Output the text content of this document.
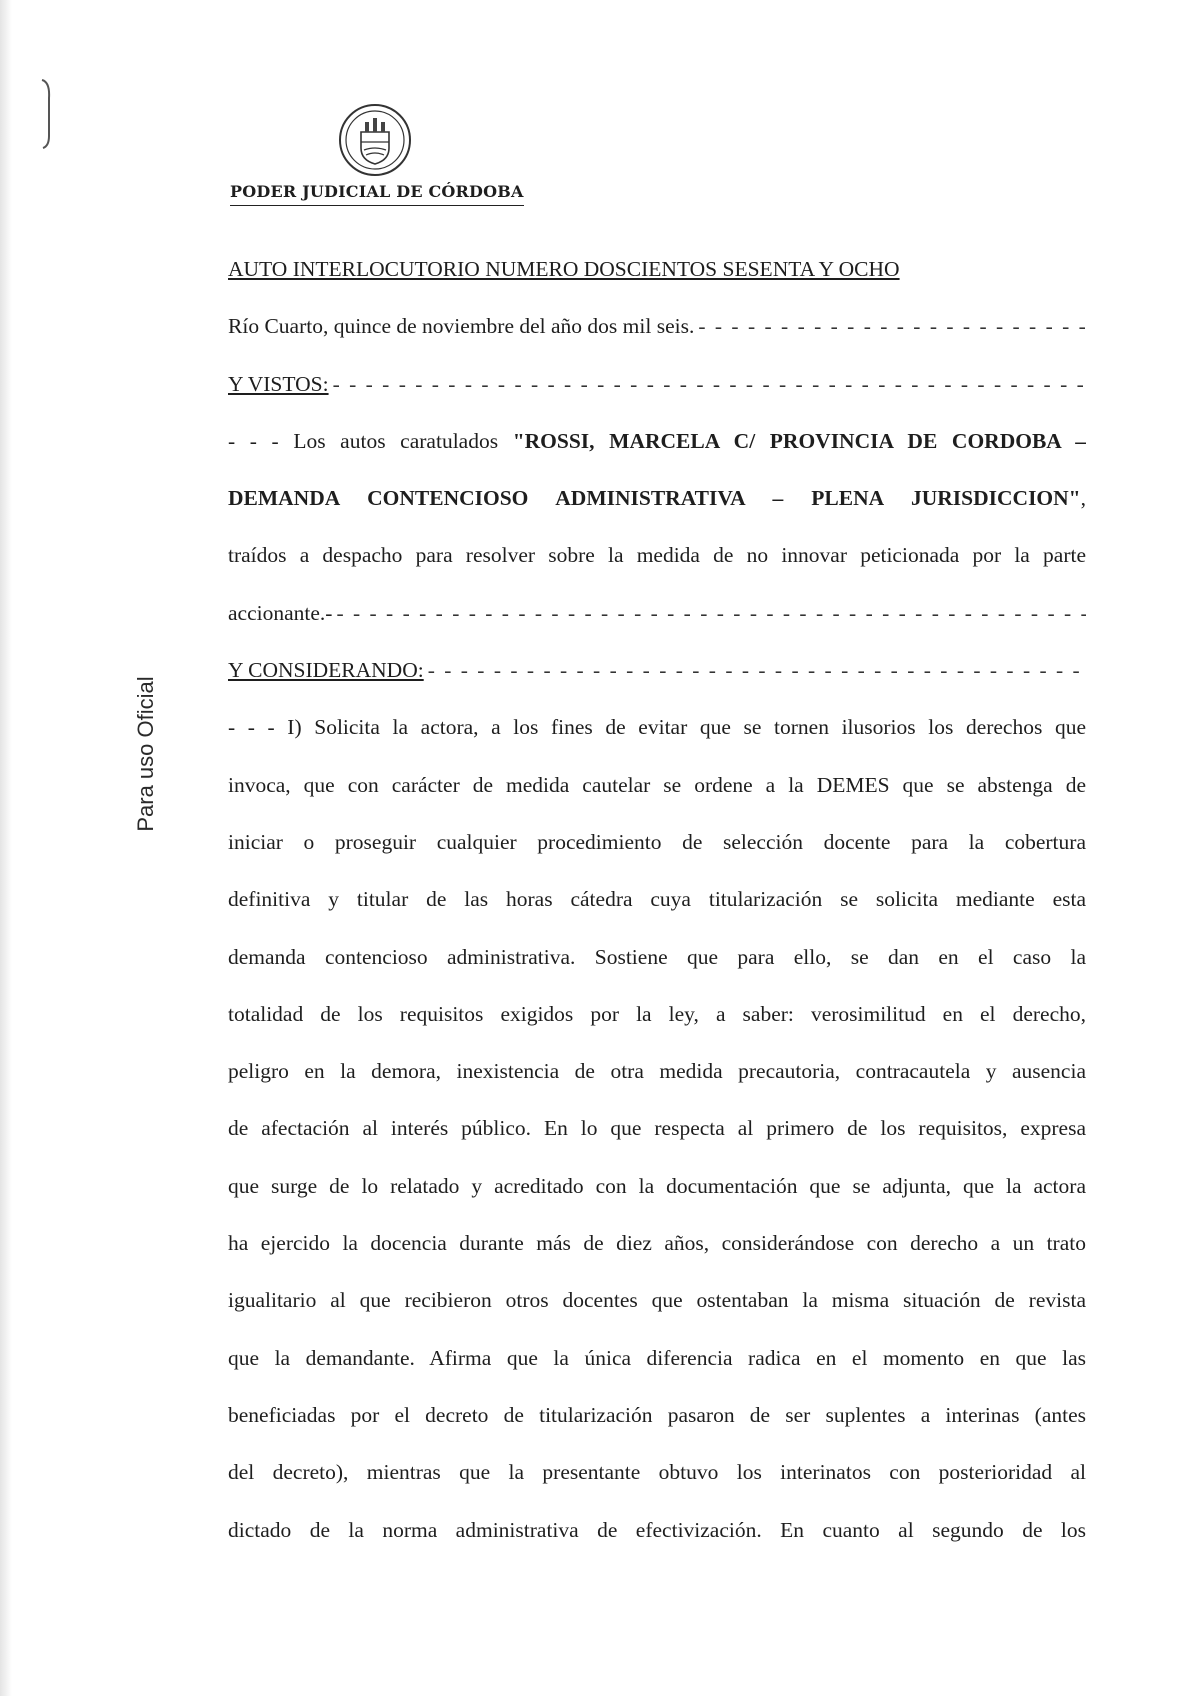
PODER JUDICIAL DE CÓRDOBA
Para uso Oficial
AUTO INTERLOCUTORIO NUMERO DOSCIENTOS SESENTA Y OCHO
Río Cuarto, quince de noviembre del año dos mil seis.
- - -
Y VISTOS:
- - -
- - - Los autos caratulados "ROSSI, MARCELA C/ PROVINCIA DE CORDOBA –
DEMANDA CONTENCIOSO ADMINISTRATIVA – PLENA JURISDICCION",
traídos a despacho para resolver sobre la medida de no innovar peticionada por la parte
accionante.-
- - -
Y CONSIDERANDO:
- - -
- - - I) Solicita la actora, a los fines de evitar que se tornen ilusorios los derechos que
invoca, que con carácter de medida cautelar se ordene a la DEMES que se abstenga de
iniciar o proseguir cualquier procedimiento de selección docente para la cobertura
definitiva y titular de las horas cátedra cuya titularización se solicita mediante esta
demanda contencioso administrativa. Sostiene que para ello, se dan en el caso la
totalidad de los requisitos exigidos por la ley, a saber: verosimilitud en el derecho,
peligro en la demora, inexistencia de otra medida precautoria, contracautela y ausencia
de afectación al interés público. En lo que respecta al primero de los requisitos, expresa
que surge de lo relatado y acreditado con la documentación que se adjunta, que la actora
ha ejercido la docencia durante más de diez años, considerándose con derecho a un trato
igualitario al que recibieron otros docentes que ostentaban la misma situación de revista
que la demandante. Afirma que la única diferencia radica en el momento en que las
beneficiadas por el decreto de titularización pasaron de ser suplentes a interinas (antes
del decreto), mientras que la presentante obtuvo los interinatos con posterioridad al
dictado de la norma administrativa de efectivización. En cuanto al segundo de los
